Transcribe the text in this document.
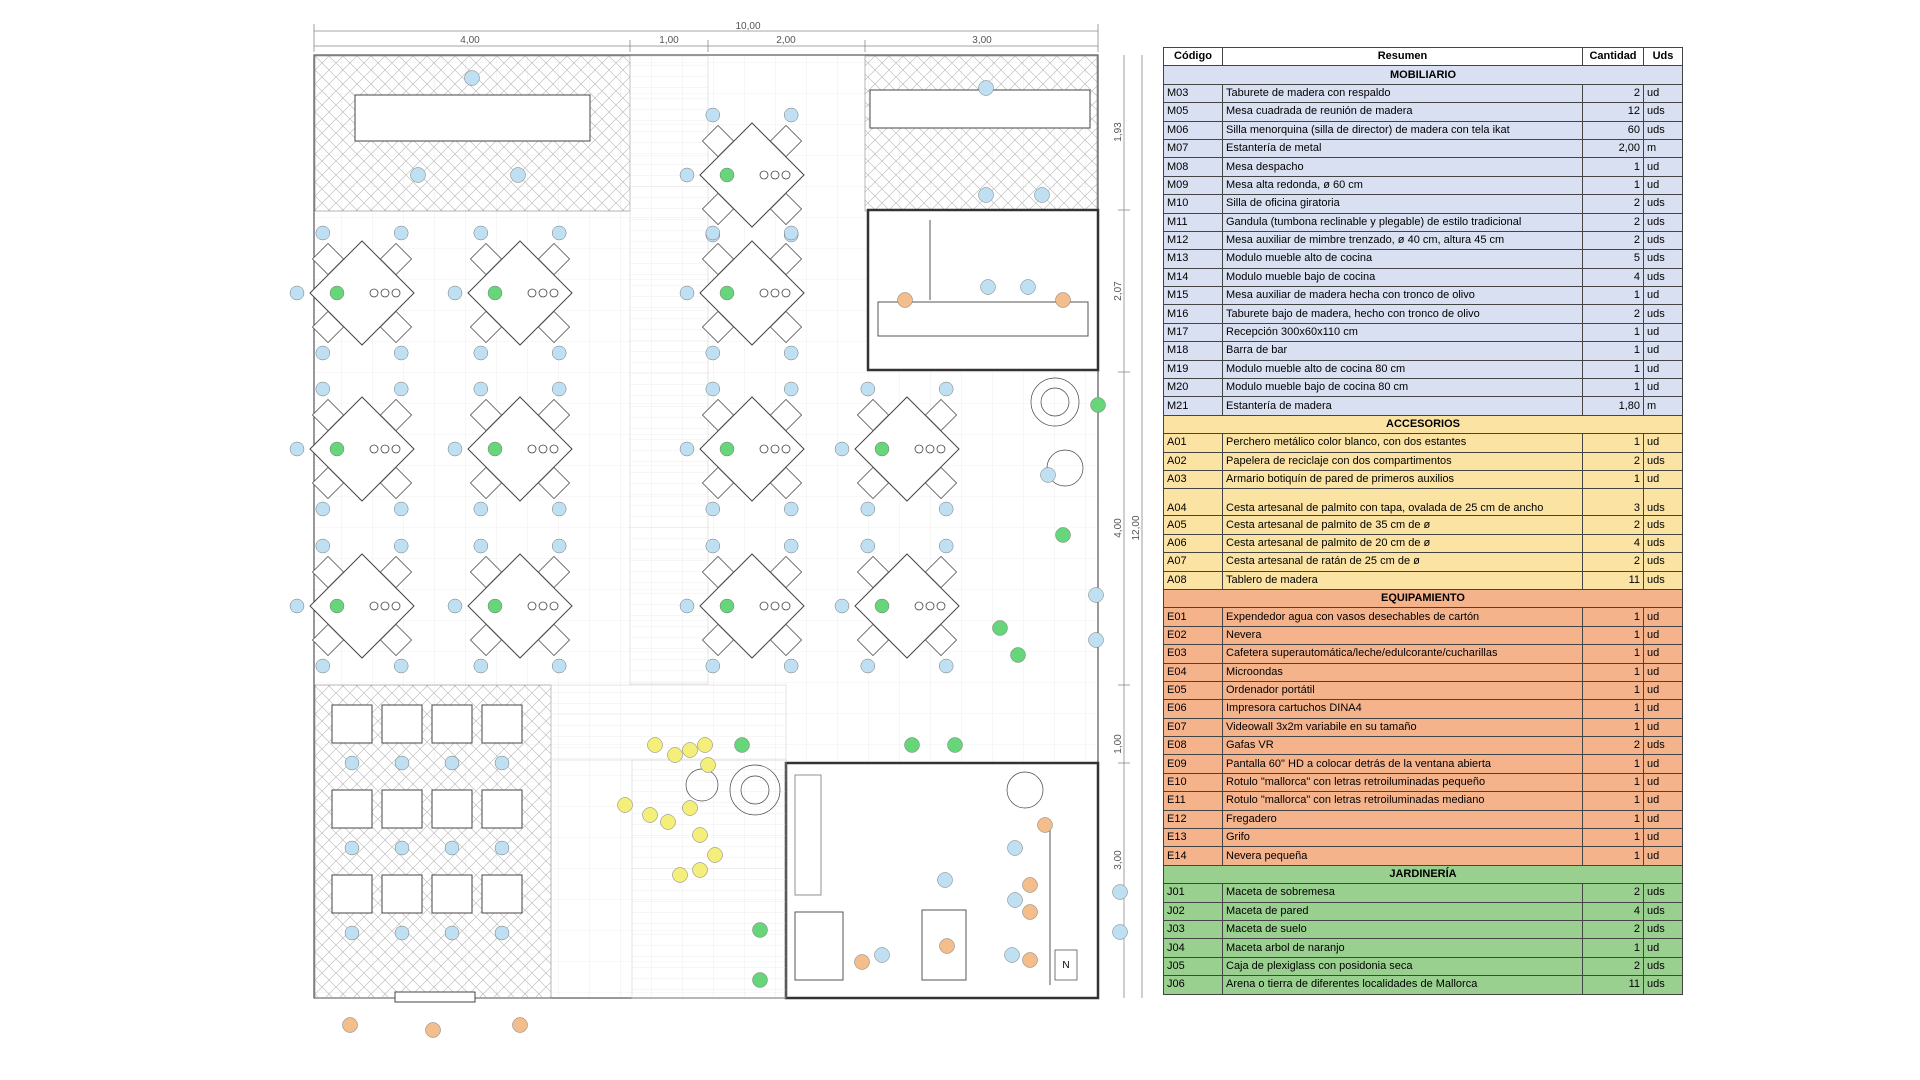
10,00
4,00	1,00	2,00	3,00
1,93
2,07
4,00 12,00
1,00
3,00
N
Código	Resumen	Cantidad	Uds
MOBILIARIO			
M03	Taburete de madera con respaldo	2	ud
M05	Mesa cuadrada de reunión de madera	12	uds
M06	Silla menorquina (silla de director) de madera con tela ikat	60	uds
M07	Estantería de metal	2,00	m
M08	Mesa despacho	1	ud
M09	Mesa alta redonda, ø 60 cm	1	ud
M10	Silla de oficina giratoria	2	uds
M11	Gandula (tumbona reclinable y plegable) de estilo tradicional	2	uds
M12	Mesa auxiliar de mimbre trenzado, ø 40 cm, altura 45 cm	2	uds
M13	Modulo mueble alto de cocina	5	uds
M14	Modulo mueble bajo de cocina	4	uds
M15	Mesa auxiliar de madera hecha con tronco de olivo	1	ud
M16	Taburete bajo de madera, hecho con tronco de olivo	2	uds
M17	Recepción 300x60x110 cm	1	ud
M18	Barra de bar	1	ud
M19	Modulo mueble alto de cocina 80 cm	1	ud
M20	Modulo mueble bajo de cocina 80 cm	1	ud
M21	Estantería de madera	1,80	m
ACCESORIOS			
A01	Perchero metálico color blanco, con dos estantes	1	ud
A02	Papelera de reciclaje con dos compartimentos	2	uds
A03	Armario botiquín de pared de primeros auxilios	1	ud
A04	Cesta artesanal de palmito con tapa, ovalada de 25 cm de ancho	3	uds
A05	Cesta artesanal de palmito de 35 cm de ø	2	uds
A06	Cesta artesanal de palmito de 20 cm de ø	4	uds
A07	Cesta artesanal de ratán de 25 cm de ø	2	uds
A08	Tablero de madera	11	uds
EQUIPAMIENTO			
E01	Expendedor agua con vasos desechables de cartón	1	ud
E02	Nevera	1	ud
E03	Cafetera superautomática/leche/edulcorante/cucharillas	1	ud
E04	Microondas	1	ud
E05	Ordenador portátil	1	ud
E06	Impresora cartuchos DINA4	1	ud
E07	Videowall 3x2m variabile en su tamaño	1	ud
E08	Gafas VR	2	uds
E09	Pantalla 60" HD a colocar detrás de la ventana abierta	1	ud
E10	Rotulo "mallorca" con letras retroiluminadas pequeño	1	ud
E11	Rotulo "mallorca" con letras retroiluminadas mediano	1	ud
E12	Fregadero	1	ud
E13	Grifo	1	ud
E14	Nevera pequeña	1	ud
JARDINERÍA			
J01	Maceta de sobremesa	2	uds
J02	Maceta de pared	4	uds
J03	Maceta de suelo	2	uds
J04	Maceta arbol de naranjo	1	ud
J05	Caja de plexiglass con posidonia seca	2	uds
J06	Arena o tierra de diferentes localidades de Mallorca	11	uds
